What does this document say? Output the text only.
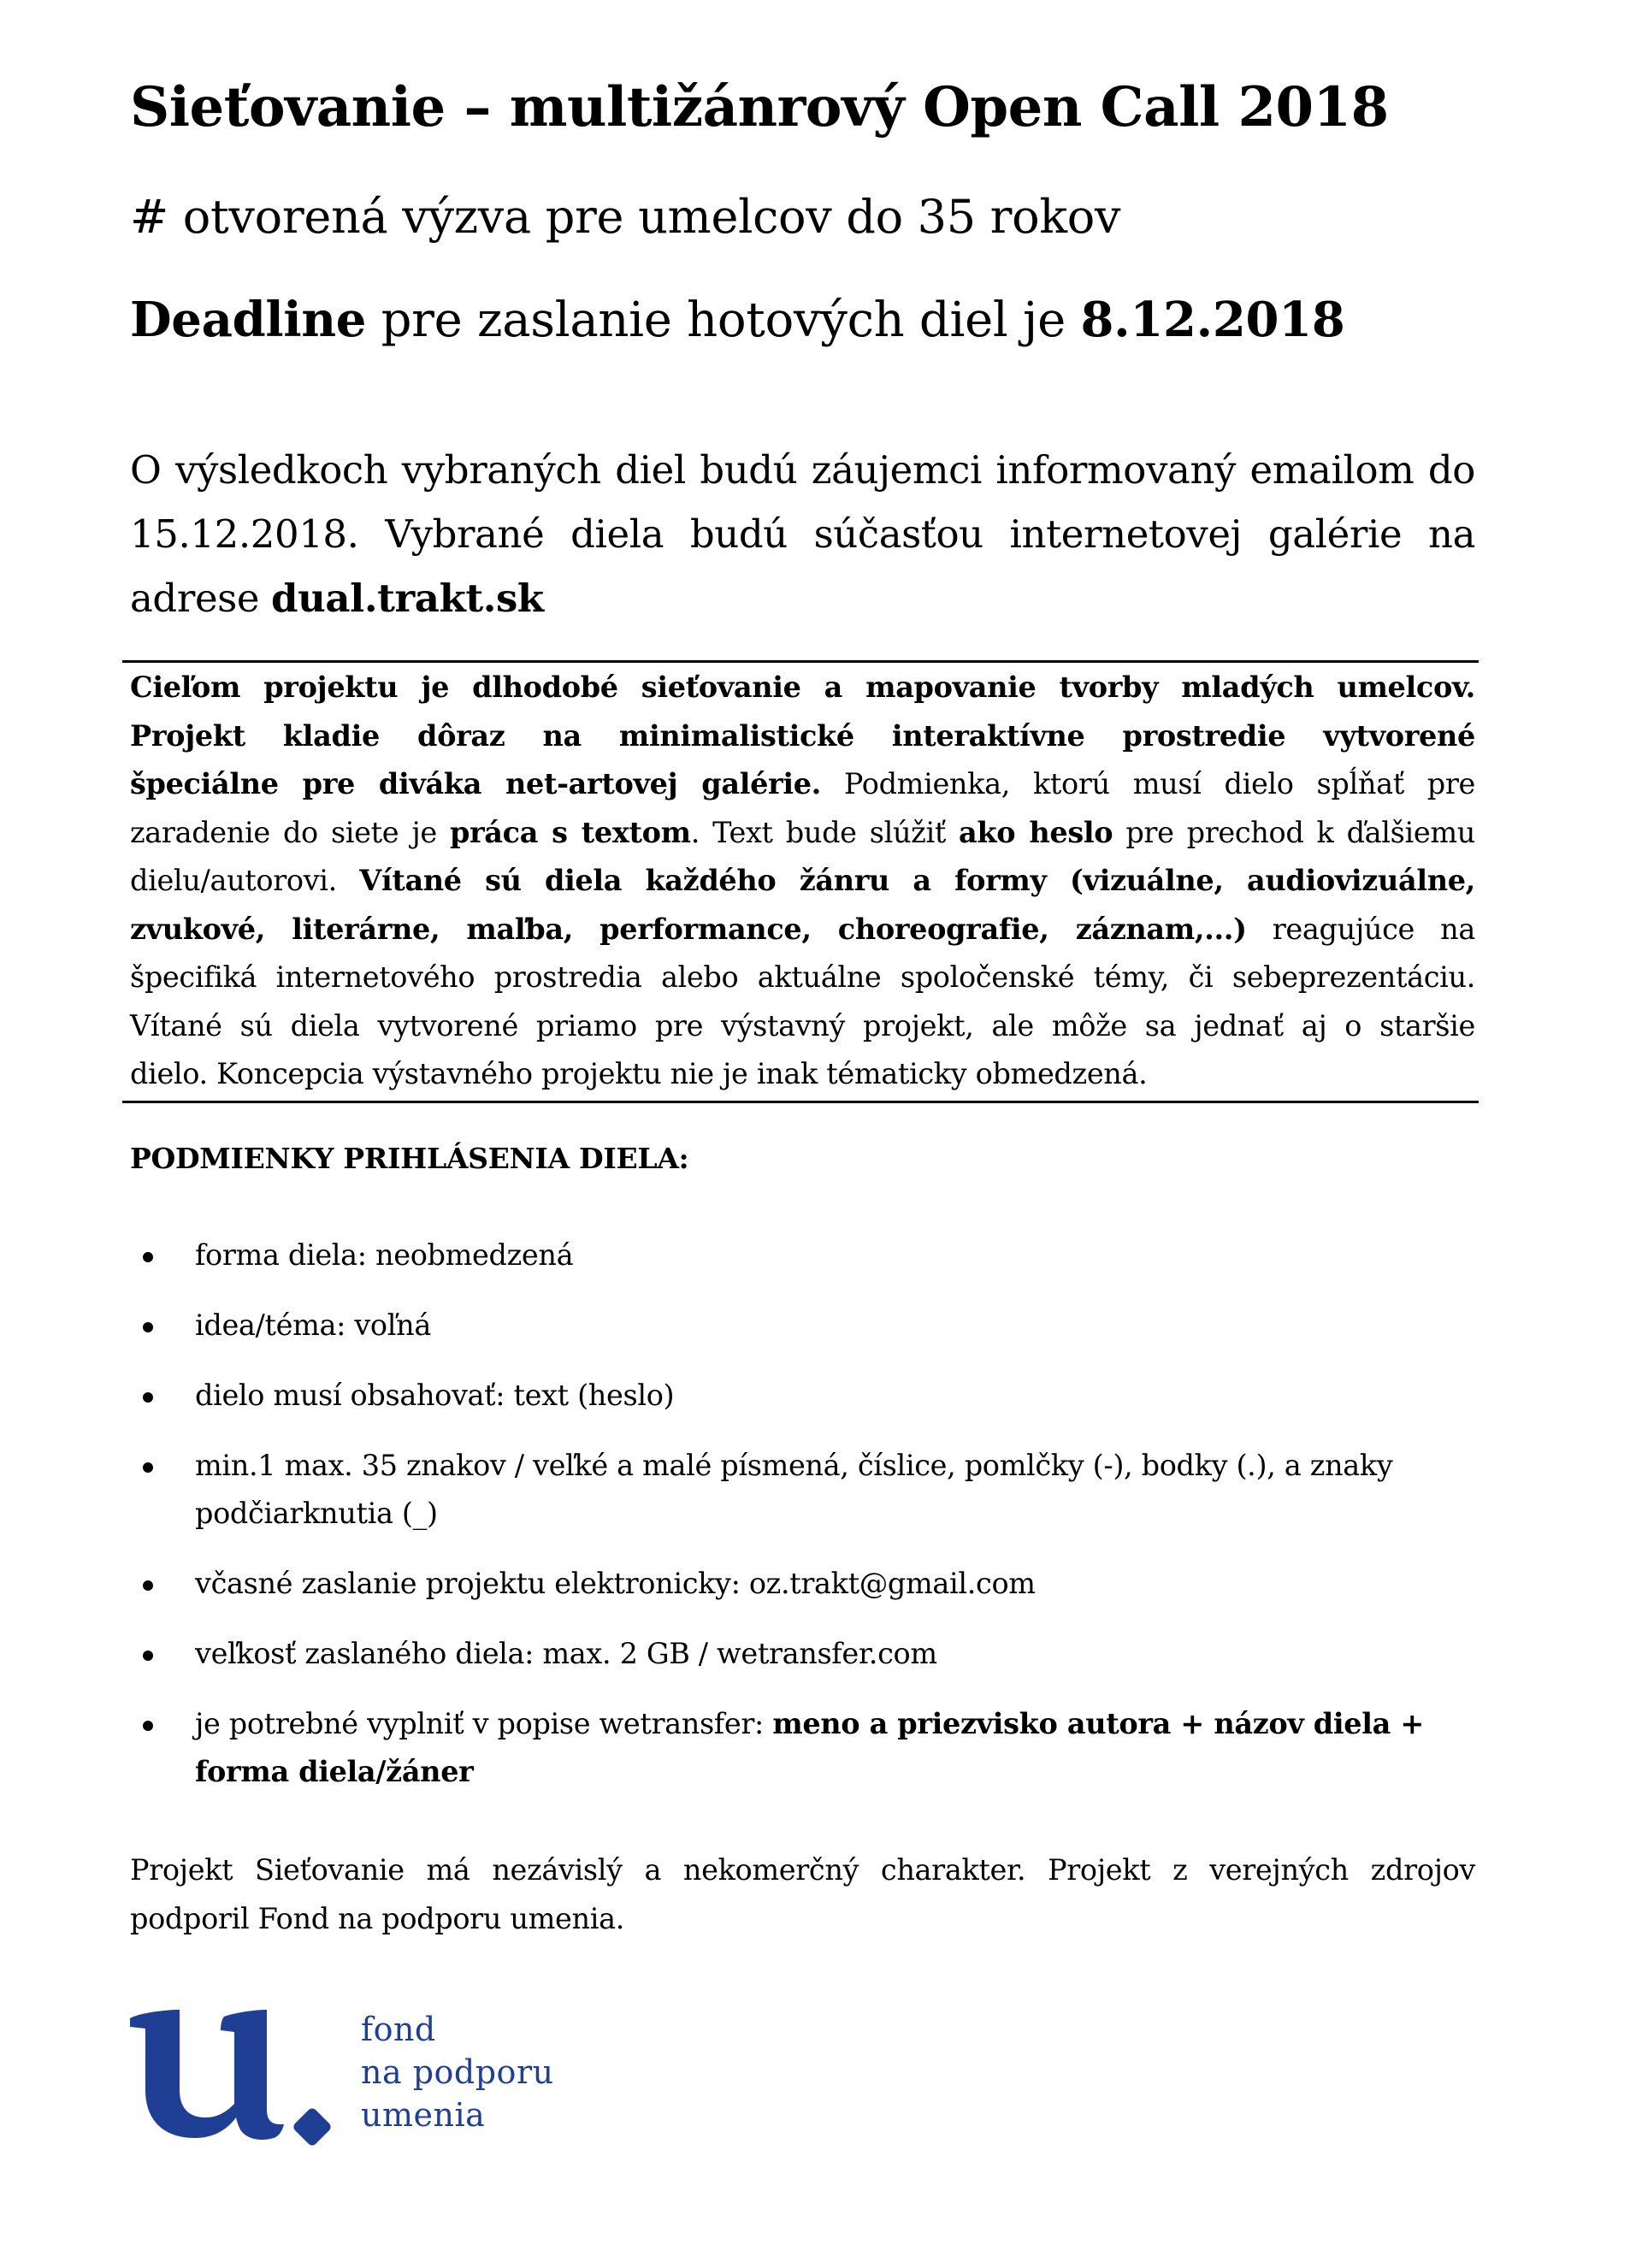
Sieťovanie – multižánrový Open Call 2018
# otvorená výzva pre umelcov do 35 rokov
Deadline pre zaslanie hotových diel je 8.12.2018
O výsledkoch vybraných diel budú záujemci informovaný emailom do 15.12.2018. Vybrané diela budú súčasťou internetovej galérie na adrese dual.trakt.sk
Cieľom projektu je dlhodobé sieťovanie a mapovanie tvorby mladých umelcov.
Projekt kladie dôraz na minimalistické interaktívne prostredie vytvorené
špeciálne pre diváka net-artovej galérie. Podmienka, ktorú musí dielo spĺňať pre
zaradenie do siete je práca s textom. Text bude slúžiť ako heslo pre prechod k ďalšiemu
dielu/autorovi. Vítané sú diela každého žánru a formy (vizuálne, audiovizuálne,
zvukové, literárne, maľba, performance, choreografie, záznam,...) reagujúce na
špecifiká internetového prostredia alebo aktuálne spoločenské témy, či sebeprezentáciu.
Vítané sú diela vytvorené priamo pre výstavný projekt, ale môže sa jednať aj o staršie
dielo. Koncepcia výstavného projektu nie je inak tématicky obmedzená.
PODMIENKY PRIHLÁSENIA DIELA:
forma diela: neobmedzená
idea/téma: voľná
dielo musí obsahovať: text (heslo)
min.1 max. 35 znakov / veľké a malé písmená, číslice, pomlčky (-), bodky (.), a znaky podčiarknutia (_)
včasné zaslanie projektu elektronicky: oz.trakt@gmail.com
veľkosť zaslaného diela: max. 2 GB / wetransfer.com
je potrebné vyplniť v popise wetransfer: meno a priezvisko autora + názov diela + forma diela/žáner
Projekt Sieťovanie má nezávislý a nekomerčný charakter. Projekt z verejných zdrojov
podporil Fond na podporu umenia.
fond
na podporu
umenia
